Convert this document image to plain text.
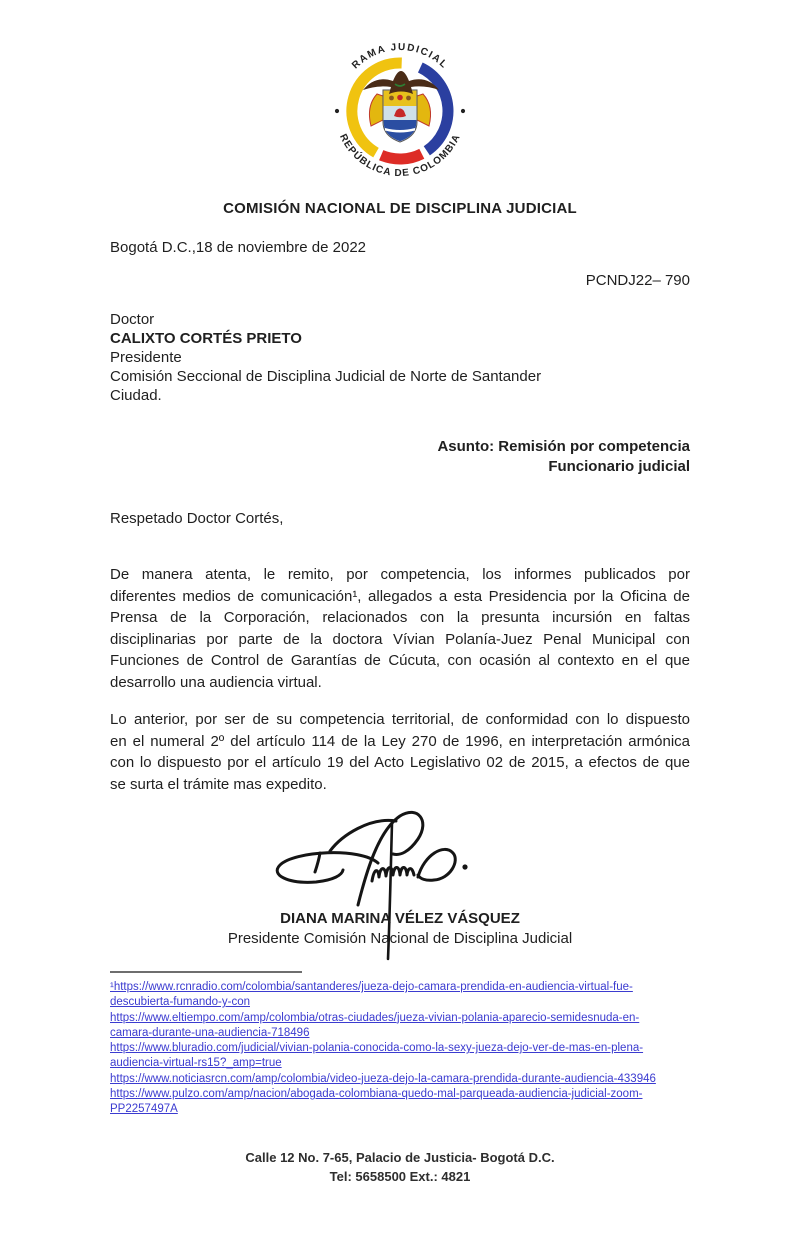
RAMA JUDICIAL
REPÚBLICA DE COLOMBIA
COMISIÓN NACIONAL DE DISCIPLINA JUDICIAL
Bogotá D.C.,18 de noviembre de 2022
PCNDJ22– 790
Doctor
CALIXTO CORTÉS PRIETO
Presidente
Comisión Seccional de Disciplina Judicial de Norte de Santander
Ciudad.
Asunto: Remisión por competencia
Funcionario judicial
Respetado Doctor Cortés,
De manera atenta, le remito, por competencia, los informes publicados por
diferentes medios de comunicación¹, allegados a esta Presidencia por la Oficina de
Prensa de la Corporación, relacionados con la presunta incursión en faltas
disciplinarias por parte de la doctora Vívian Polanía-Juez Penal Municipal con
Funciones de Control de Garantías de Cúcuta, con ocasión al contexto en el que
desarrollo una audiencia virtual.
Lo anterior, por ser de su competencia territorial, de conformidad con lo dispuesto
en el numeral 2º del artículo 114 de la Ley 270 de 1996, en interpretación armónica
con lo dispuesto por el artículo 19 del Acto Legislativo 02 de 2015, a efectos de que
se surta el trámite mas expedito.
DIANA MARINA VÉLEZ VÁSQUEZ
Presidente Comisión Nacional de Disciplina Judicial
¹https://www.rcnradio.com/colombia/santanderes/jueza-dejo-camara-prendida-en-audiencia-virtual-fue-
descubierta-fumando-y-con
https://www.eltiempo.com/amp/colombia/otras-ciudades/jueza-vivian-polania-aparecio-semidesnuda-en-
camara-durante-una-audiencia-718496
https://www.bluradio.com/judicial/vivian-polania-conocida-como-la-sexy-jueza-dejo-ver-de-mas-en-plena-
audiencia-virtual-rs15?_amp=true
https://www.noticiasrcn.com/amp/colombia/video-jueza-dejo-la-camara-prendida-durante-audiencia-433946
https://www.pulzo.com/amp/nacion/abogada-colombiana-quedo-mal-parqueada-audiencia-judicial-zoom-
PP2257497A
Calle 12 No. 7-65, Palacio de Justicia- Bogotá D.C.
Tel: 5658500 Ext.: 4821
